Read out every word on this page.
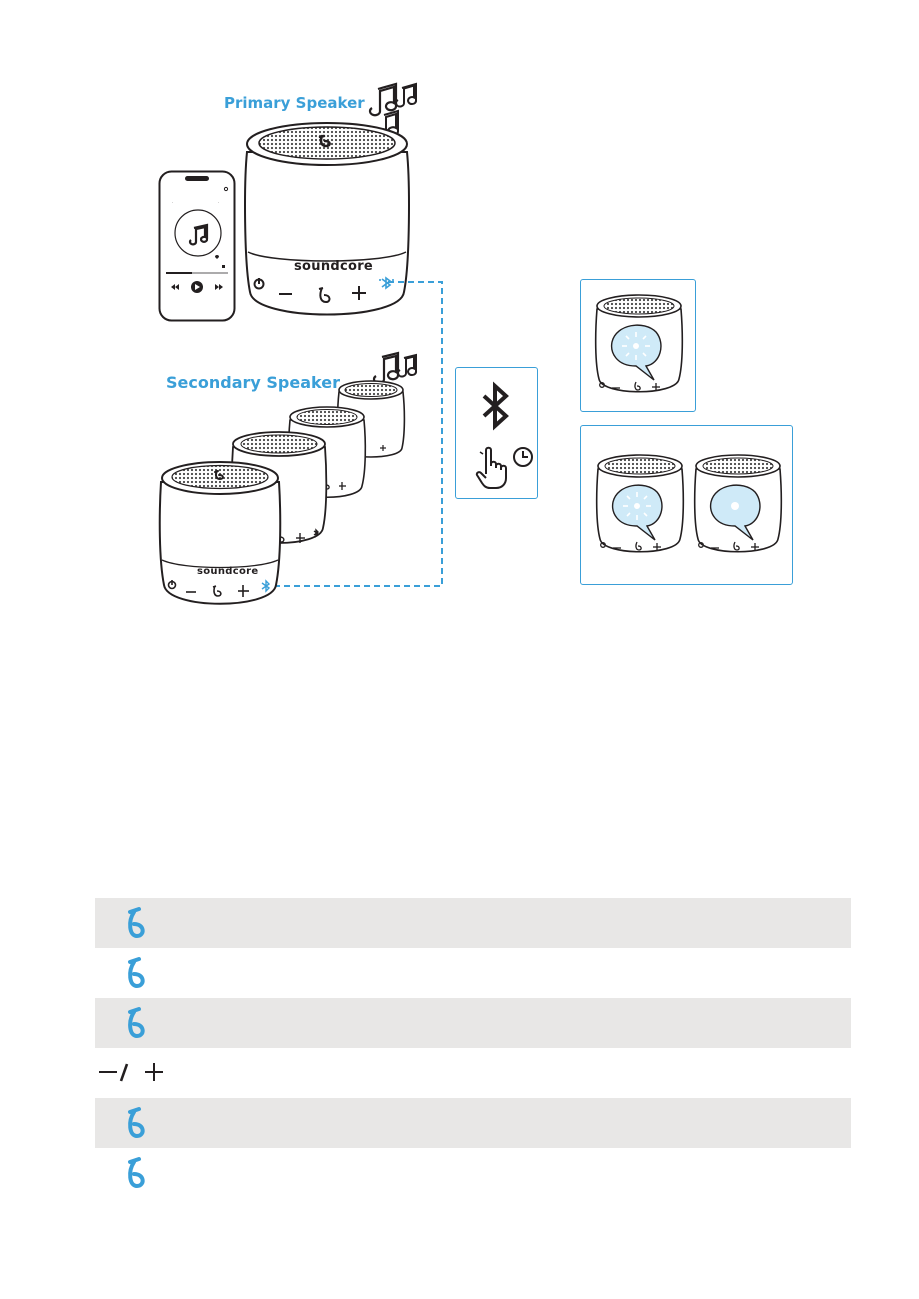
Primary Speaker
'	'
Secondary Speaker
soundcore
soundcore
